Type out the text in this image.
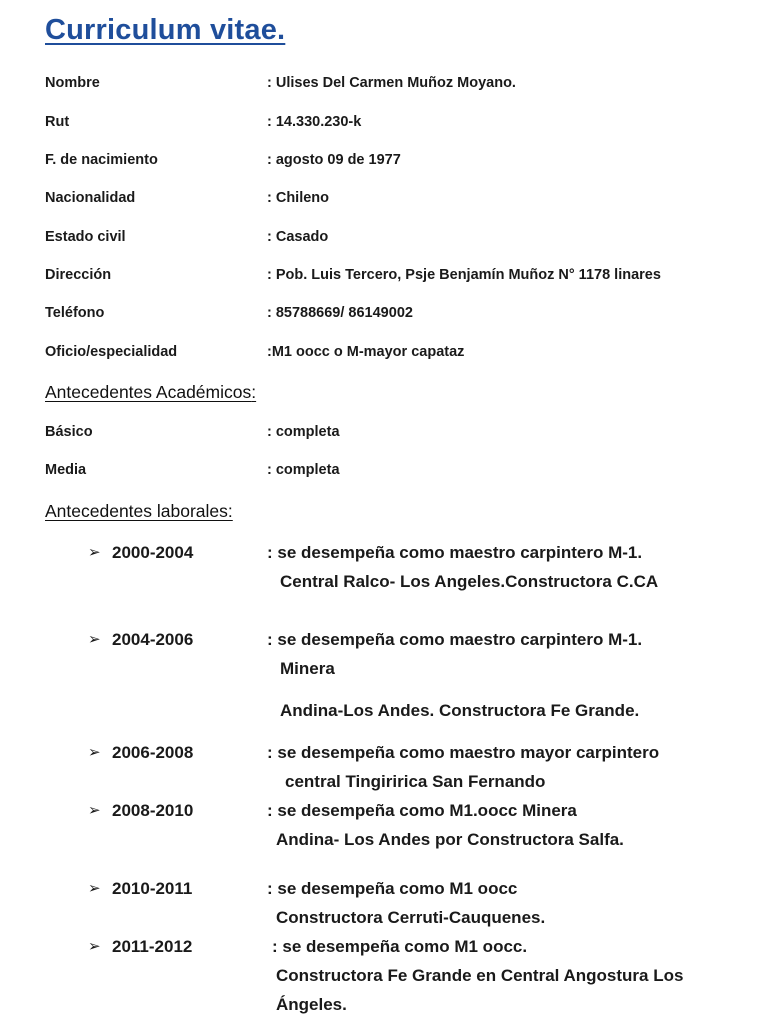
Curriculum vitae.
Nombre	: Ulises Del Carmen Muñoz Moyano.
Rut	: 14.330.230-k
F. de nacimiento	: agosto 09 de 1977
Nacionalidad	: Chileno
Estado civil	: Casado
Dirección	: Pob. Luis Tercero, Psje Benjamín Muñoz N° 1178 linares
Teléfono	: 85788669/ 86149002
Oficio/especialidad	:M1 oocc o M-mayor capataz
Antecedentes Académicos:
Básico	: completa
Media	: completa
Antecedentes laborales:
➢ 2000-2004	: se desempeña como maestro carpintero M-1.
Central Ralco- Los Angeles.Constructora C.CA
➢ 2004-2006	: se desempeña como maestro carpintero M-1.
Minera
Andina-Los Andes. Constructora Fe Grande.
➢ 2006-2008	: se desempeña como maestro mayor carpintero
central Tingiririca San Fernando
➢ 2008-2010	: se desempeña como M1.oocc Minera
Andina- Los Andes por Constructora Salfa.
➢ 2010-2011	: se desempeña como M1 oocc
Constructora Cerruti-Cauquenes.
➢ 2011-2012	: se desempeña como M1 oocc.
Constructora Fe Grande en Central Angostura Los
Ángeles.
